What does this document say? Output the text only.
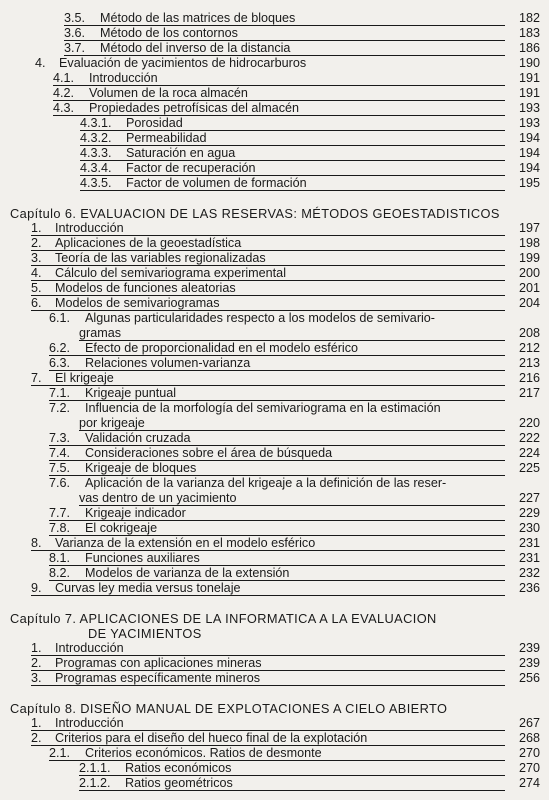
3.5. Método de las matrices de bloques	182
3.6. Método de los contornos	183
3.7. Método del inverso de la distancia	186
4. Evaluación de yacimientos de hidrocarburos	190
4.1. Introducción	191
4.2. Volumen de la roca almacén	191
4.3. Propiedades petrofísicas del almacén	193
4.3.1. Porosidad	193
4.3.2. Permeabilidad	194
4.3.3. Saturación en agua	194
4.3.4. Factor de recuperación	194
4.3.5. Factor de volumen de formación	195
Capítulo 6. EVALUACION DE LAS RESERVAS: MÉTODOS GEOESTADISTICOS
1. Introducción	197
2. Aplicaciones de la geoestadística	198
3. Teoría de las variables regionalizadas	199
4. Cálculo del semivariograma experimental	200
5. Modelos de funciones aleatorias	201
6. Modelos de semivariogramas	204
6.1. Algunas particularidades respecto a los modelos de semivario-
gramas	208
6.2. Efecto de proporcionalidad en el modelo esférico	212
6.3. Relaciones volumen-varianza	213
7. El krigeaje	216
7.1. Krigeaje puntual	217
7.2. Influencia de la morfología del semivariograma en la estimación
por krigeaje	220
7.3. Validación cruzada	222
7.4. Consideraciones sobre el área de búsqueda	224
7.5. Krigeaje de bloques	225
7.6. Aplicación de la varianza del krigeaje a la definición de las reser-
vas dentro de un yacimiento	227
7.7. Krigeaje indicador	229
7.8. El cokrigeaje	230
8. Varianza de la extensión en el modelo esférico	231
8.1. Funciones auxiliares	231
8.2. Modelos de varianza de la extensión	232
9. Curvas ley media versus tonelaje	236
Capítulo 7. APLICACIONES DE LA INFORMATICA A LA EVALUACION
DE YACIMIENTOS
1. Introducción	239
2. Programas con aplicaciones mineras	239
3. Programas específicamente mineros	256
Capítulo 8. DISEÑO MANUAL DE EXPLOTACIONES A CIELO ABIERTO
1. Introducción	267
2. Criterios para el diseño del hueco final de la explotación	268
2.1. Criterios económicos. Ratios de desmonte	270
2.1.1. Ratios económicos	270
2.1.2. Ratios geométricos	274
